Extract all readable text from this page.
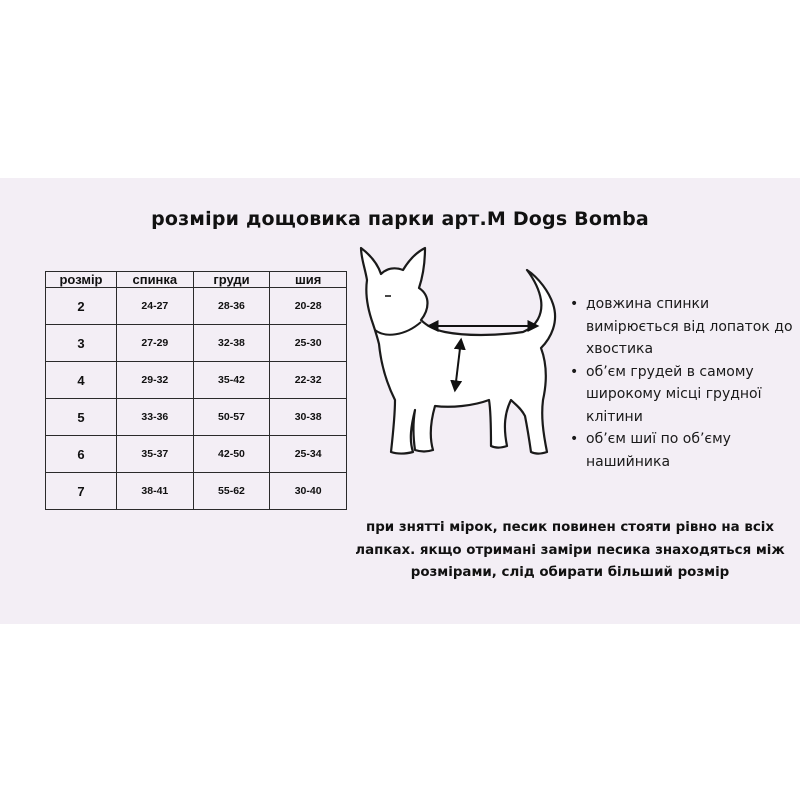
розміри дощовика парки арт.M Dogs Bomba
розмір	спинка	груди	шия
2	24-27	28-36	20-28
3	27-29	32-38	25-30
4	29-32	35-42	22-32
5	33-36	50-57	30-38
6	35-37	42-50	25-34
7	38-41	55-62	30-40
• довжина спинки вимірюється від лопаток до хвостика
• об’єм грудей в самому широкому місці грудної клітини
• об’єм шиї по об’єму нашийника
при знятті мірок, песик повинен стояти рівно на всіх лапках. якщо отримані заміри песика знаходяться між розмірами, слід обирати більший розмір
